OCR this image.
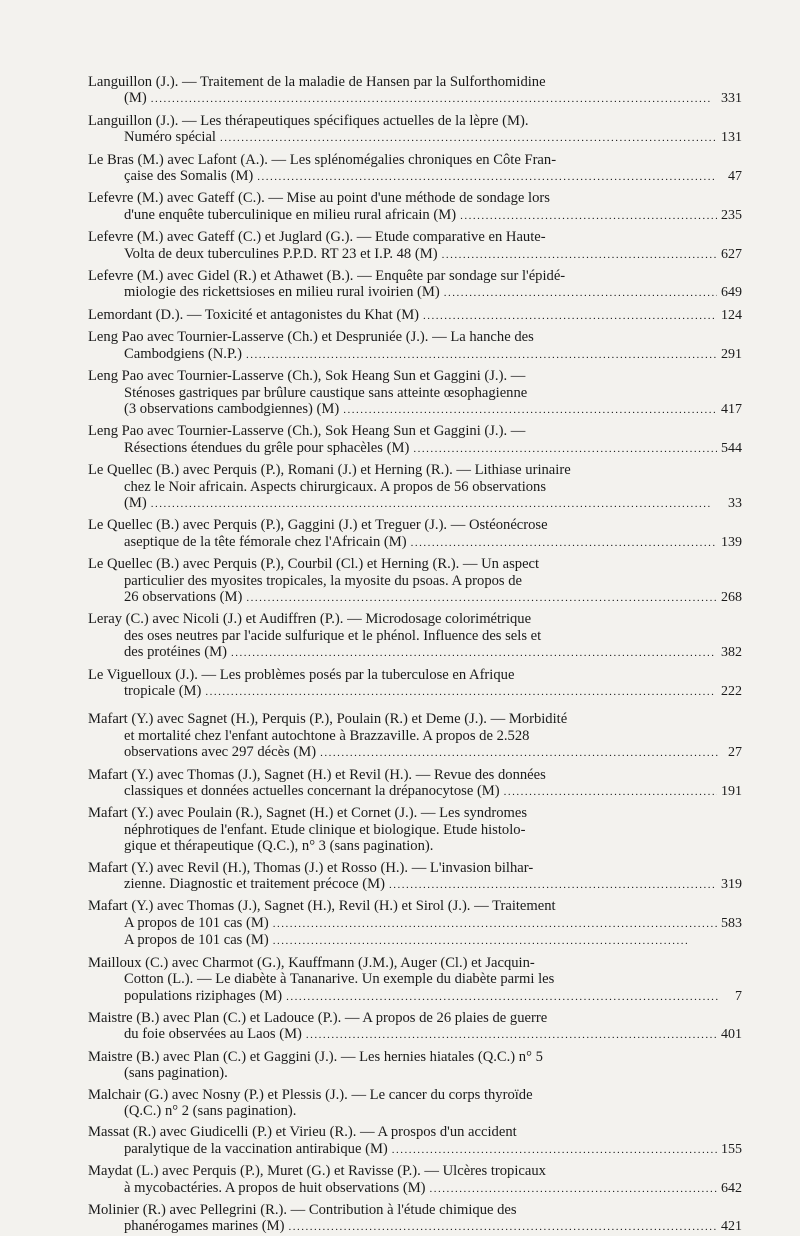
Languillon (J.). — Traitement de la maladie de Hansen par la Sulforthomidine
(M) .....	331
Languillon (J.). — Les thérapeutiques spécifiques actuelles de la lèpre (M).
Numéro spécial .....	131
Le Bras (M.) avec Lafont (A.). — Les splénomégalies chroniques en Côte Fran-
çaise des Somalis (M) .....	47
Lefevre (M.) avec Gateff (C.). — Mise au point d'une méthode de sondage lors
d'une enquête tuberculinique en milieu rural africain (M) .....	235
Lefevre (M.) avec Gateff (C.) et Juglard (G.). — Etude comparative en Haute-
Volta de deux tuberculines P.P.D. RT 23 et I.P. 48 (M) .....	627
Lefevre (M.) avec Gidel (R.) et Athawet (B.). — Enquête par sondage sur l'épidé-
miologie des rickettsioses en milieu rural ivoirien (M) .....	649
Lemordant (D.). — Toxicité et antagonistes du Khat (M) .....	124
Leng Pao avec Tournier-Lasserve (Ch.) et Despruniée (J.). — La hanche des
Cambodgiens (N.P.) .....	291
Leng Pao avec Tournier-Lasserve (Ch.), Sok Heang Sun et Gaggini (J.). —
Sténoses gastriques par brûlure caustique sans atteinte œsophagienne
(3 observations cambodgiennes) (M) .....	417
Leng Pao avec Tournier-Lasserve (Ch.), Sok Heang Sun et Gaggini (J.). —
Résections étendues du grêle pour sphacèles (M) .....	544
Le Quellec (B.) avec Perquis (P.), Romani (J.) et Herning (R.). — Lithiase urinaire
chez le Noir africain. Aspects chirurgicaux. A propos de 56 observations
(M) .....	33
Le Quellec (B.) avec Perquis (P.), Gaggini (J.) et Treguer (J.). — Ostéonécrose
aseptique de la tête fémorale chez l'Africain (M) .....	139
Le Quellec (B.) avec Perquis (P.), Courbil (Cl.) et Herning (R.). — Un aspect
particulier des myosites tropicales, la myosite du psoas. A propos de
26 observations (M) .....	268
Leray (C.) avec Nicoli (J.) et Audiffren (P.). — Microdosage colorimétrique
des oses neutres par l'acide sulfurique et le phénol. Influence des sels et
des protéines (M) .....	382
Le Viguelloux (J.). — Les problèmes posés par la tuberculose en Afrique
tropicale (M) .....	222
Mafart (Y.) avec Sagnet (H.), Perquis (P.), Poulain (R.) et Deme (J.). — Morbidité
et mortalité chez l'enfant autochtone à Brazzaville. A propos de 2.528
observations avec 297 décès (M) .....	27
Mafart (Y.) avec Thomas (J.), Sagnet (H.) et Revil (H.). — Revue des données
classiques et données actuelles concernant la drépanocytose (M) .....	191
Mafart (Y.) avec Poulain (R.), Sagnet (H.) et Cornet (J.). — Les syndromes
néphrotiques de l'enfant. Etude clinique et biologique. Etude histolo-
gique et thérapeutique (Q.C.), n° 3 (sans pagination).
Mafart (Y.) avec Revil (H.), Thomas (J.) et Rosso (H.). — L'invasion bilhar-
zienne. Diagnostic et traitement précoce (M) .....	319
Mafart (Y.) avec Thomas (J.), Sagnet (H.), Revil (H.) et Sirol (J.). — Traitement
A propos de 101 cas (M) .....	583
A propos de 101 cas (M)
.....
Mailloux (C.) avec Charmot (G.), Kauffmann (J.M.), Auger (Cl.) et Jacquin-
Cotton (L.). — Le diabète à Tananarive. Un exemple du diabète parmi les
populations riziphages (M) .....	7
Maistre (B.) avec Plan (C.) et Ladouce (P.). — A propos de 26 plaies de guerre
du foie observées au Laos (M) .....	401
Maistre (B.) avec Plan (C.) et Gaggini (J.). — Les hernies hiatales (Q.C.) n° 5
(sans pagination).
Malchair (G.) avec Nosny (P.) et Plessis (J.). — Le cancer du corps thyroïde
(Q.C.) n° 2 (sans pagination).
Massat (R.) avec Giudicelli (P.) et Virieu (R.). — A prospos d'un accident
paralytique de la vaccination antirabique (M) .....	155
Maydat (L.) avec Perquis (P.), Muret (G.) et Ravisse (P.). — Ulcères tropicaux
à mycobactéries. A propos de huit observations (M) .....	642
Molinier (R.) avec Pellegrini (R.). — Contribution à l'étude chimique des
phanérogames marines (M) .....	421
